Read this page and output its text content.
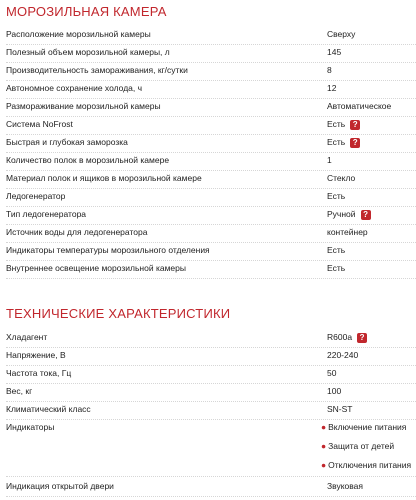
МОРОЗИЛЬНАЯ КАМЕРА
Расположение морозильной камеры	Сверху
Полезный объем морозильной камеры, л	145
Производительность замораживания, кг/сутки	8
Автономное сохранение холода, ч	12
Размораживание морозильной камеры	Автоматическое
Система NoFrost	Есть ?
Быстрая и глубокая заморозка	Есть ?
Количество полок в морозильной камере	1
Материал полок и ящиков в морозильной камере	Стекло
Ледогенератор	Есть
Тип ледогенератора	Ручной ?
Источник воды для ледогенератора	контейнер
Индикаторы температуры морозильного отделения	Есть
Внутреннее освещение морозильной камеры	Есть
ТЕХНИЧЕСКИЕ ХАРАКТЕРИСТИКИ
Хладагент	R600a ?
Напряжение, В	220-240
Частота тока, Гц	50
Вес, кг	100
Климатический класс	SN-ST
Индикаторы	● Включение питания
● Защита от детей
● Отключения питания
Индикация открытой двери	Звуковая
